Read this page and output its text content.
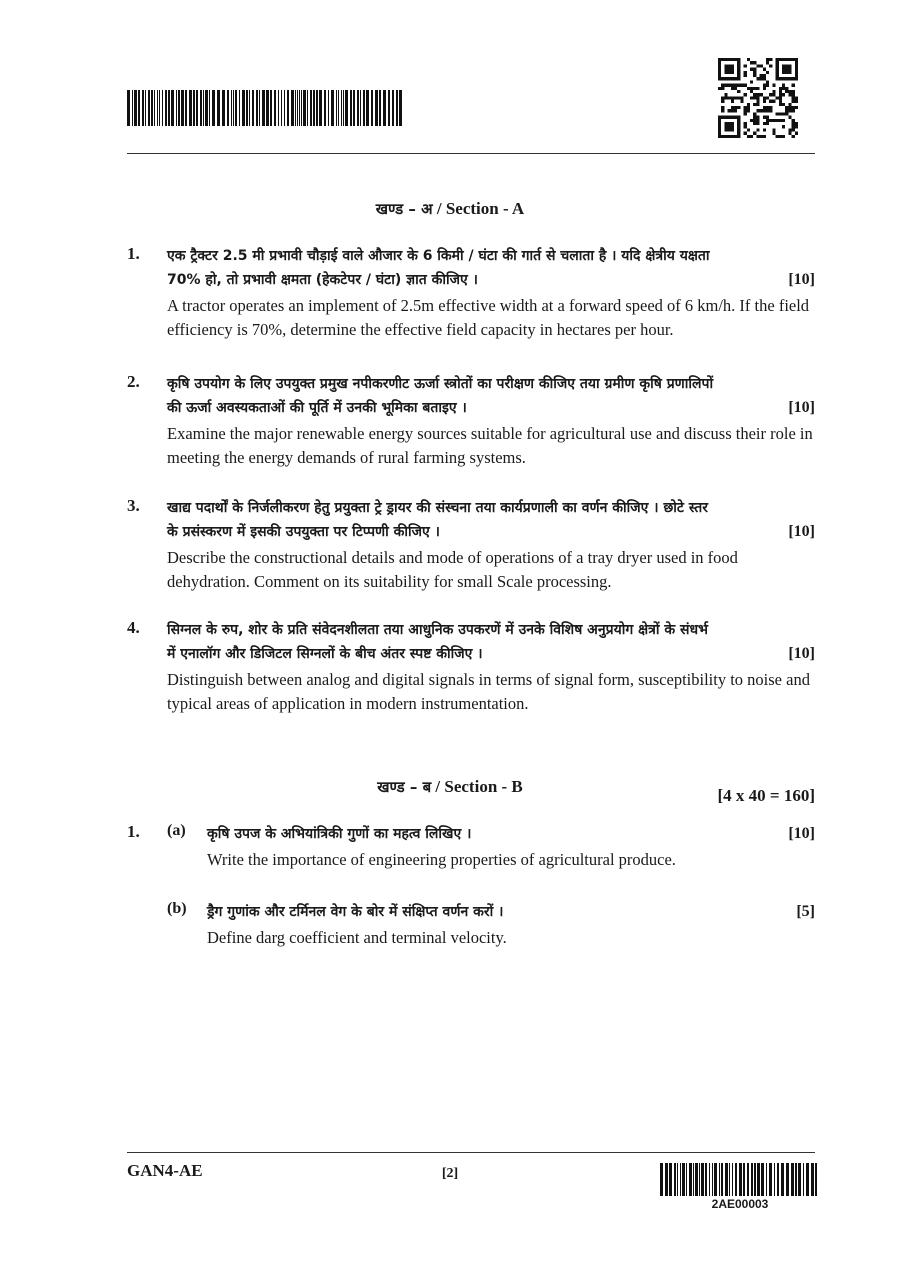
खण्ड – अ / Section - A
1. एक ट्रैक्टर 2.5 मी प्रभावी चौड़ाई वाले औजार के 6 किमी / घंटा की गार्त से चलाता है । यदि क्षेत्रीय यक्षता
70% हो, तो प्रभावी क्षमता (हेकटेपर / घंटा) ज्ञात कीजिए ।	[10]
A tractor operates an implement of 2.5m effective width at a forward speed of 6 km/h. If the field efficiency is 70%, determine the effective field capacity in hectares per hour.
2. कृषि उपयोग के लिए उपयुक्त प्रमुख नपीकरणीट ऊर्जा स्त्रोतों का परीक्षण कीजिए तया ग्रमीण कृषि प्रणालिपों
की ऊर्जा अवस्यकताओं की पूर्ति में उनकी भूमिका बताइए ।	[10]
Examine the major renewable energy sources suitable for agricultural use and discuss their role in meeting the energy demands of rural farming systems.
3. खाद्य पदार्थों के निर्जलीकरण हेतु प्रयुक्ता ट्रे ड्रायर की संस्चना तया कार्यप्रणाली का वर्णन कीजिए । छोटे स्तर
के प्रसंस्करण में इसकी उपयुक्ता पर टिप्पणी कीजिए ।	[10]
Describe the constructional details and mode of operations of a tray dryer used in food dehydration. Comment on its suitability for small Scale processing.
4. सिग्नल के रुप, शोर के प्रति संवेदनशीलता तया आधुनिक उपकरणें में उनके विशिष अनुप्रयोग क्षेत्रों के संधर्भ
में एनालॉग और डिजिटल सिग्नलों के बीच अंतर स्पष्ट कीजिए ।	[10]
Distinguish between analog and digital signals in terms of signal form, susceptibility to noise and typical areas of application in modern instrumentation.
खण्ड – ब / Section - B	[4 x 40 = 160]
1. (a) कृषि उपज के अभियांत्रिकी गुणों का महत्व लिखिए ।	[10]
Write the importance of engineering properties of agricultural produce.
(b) ड्रैग गुणांक और टर्मिनल वेग के बोर में संक्षिप्त वर्णन करों ।	[5]
Define darg coefficient and terminal velocity.
GAN4-AE	[2]
2AE00003
